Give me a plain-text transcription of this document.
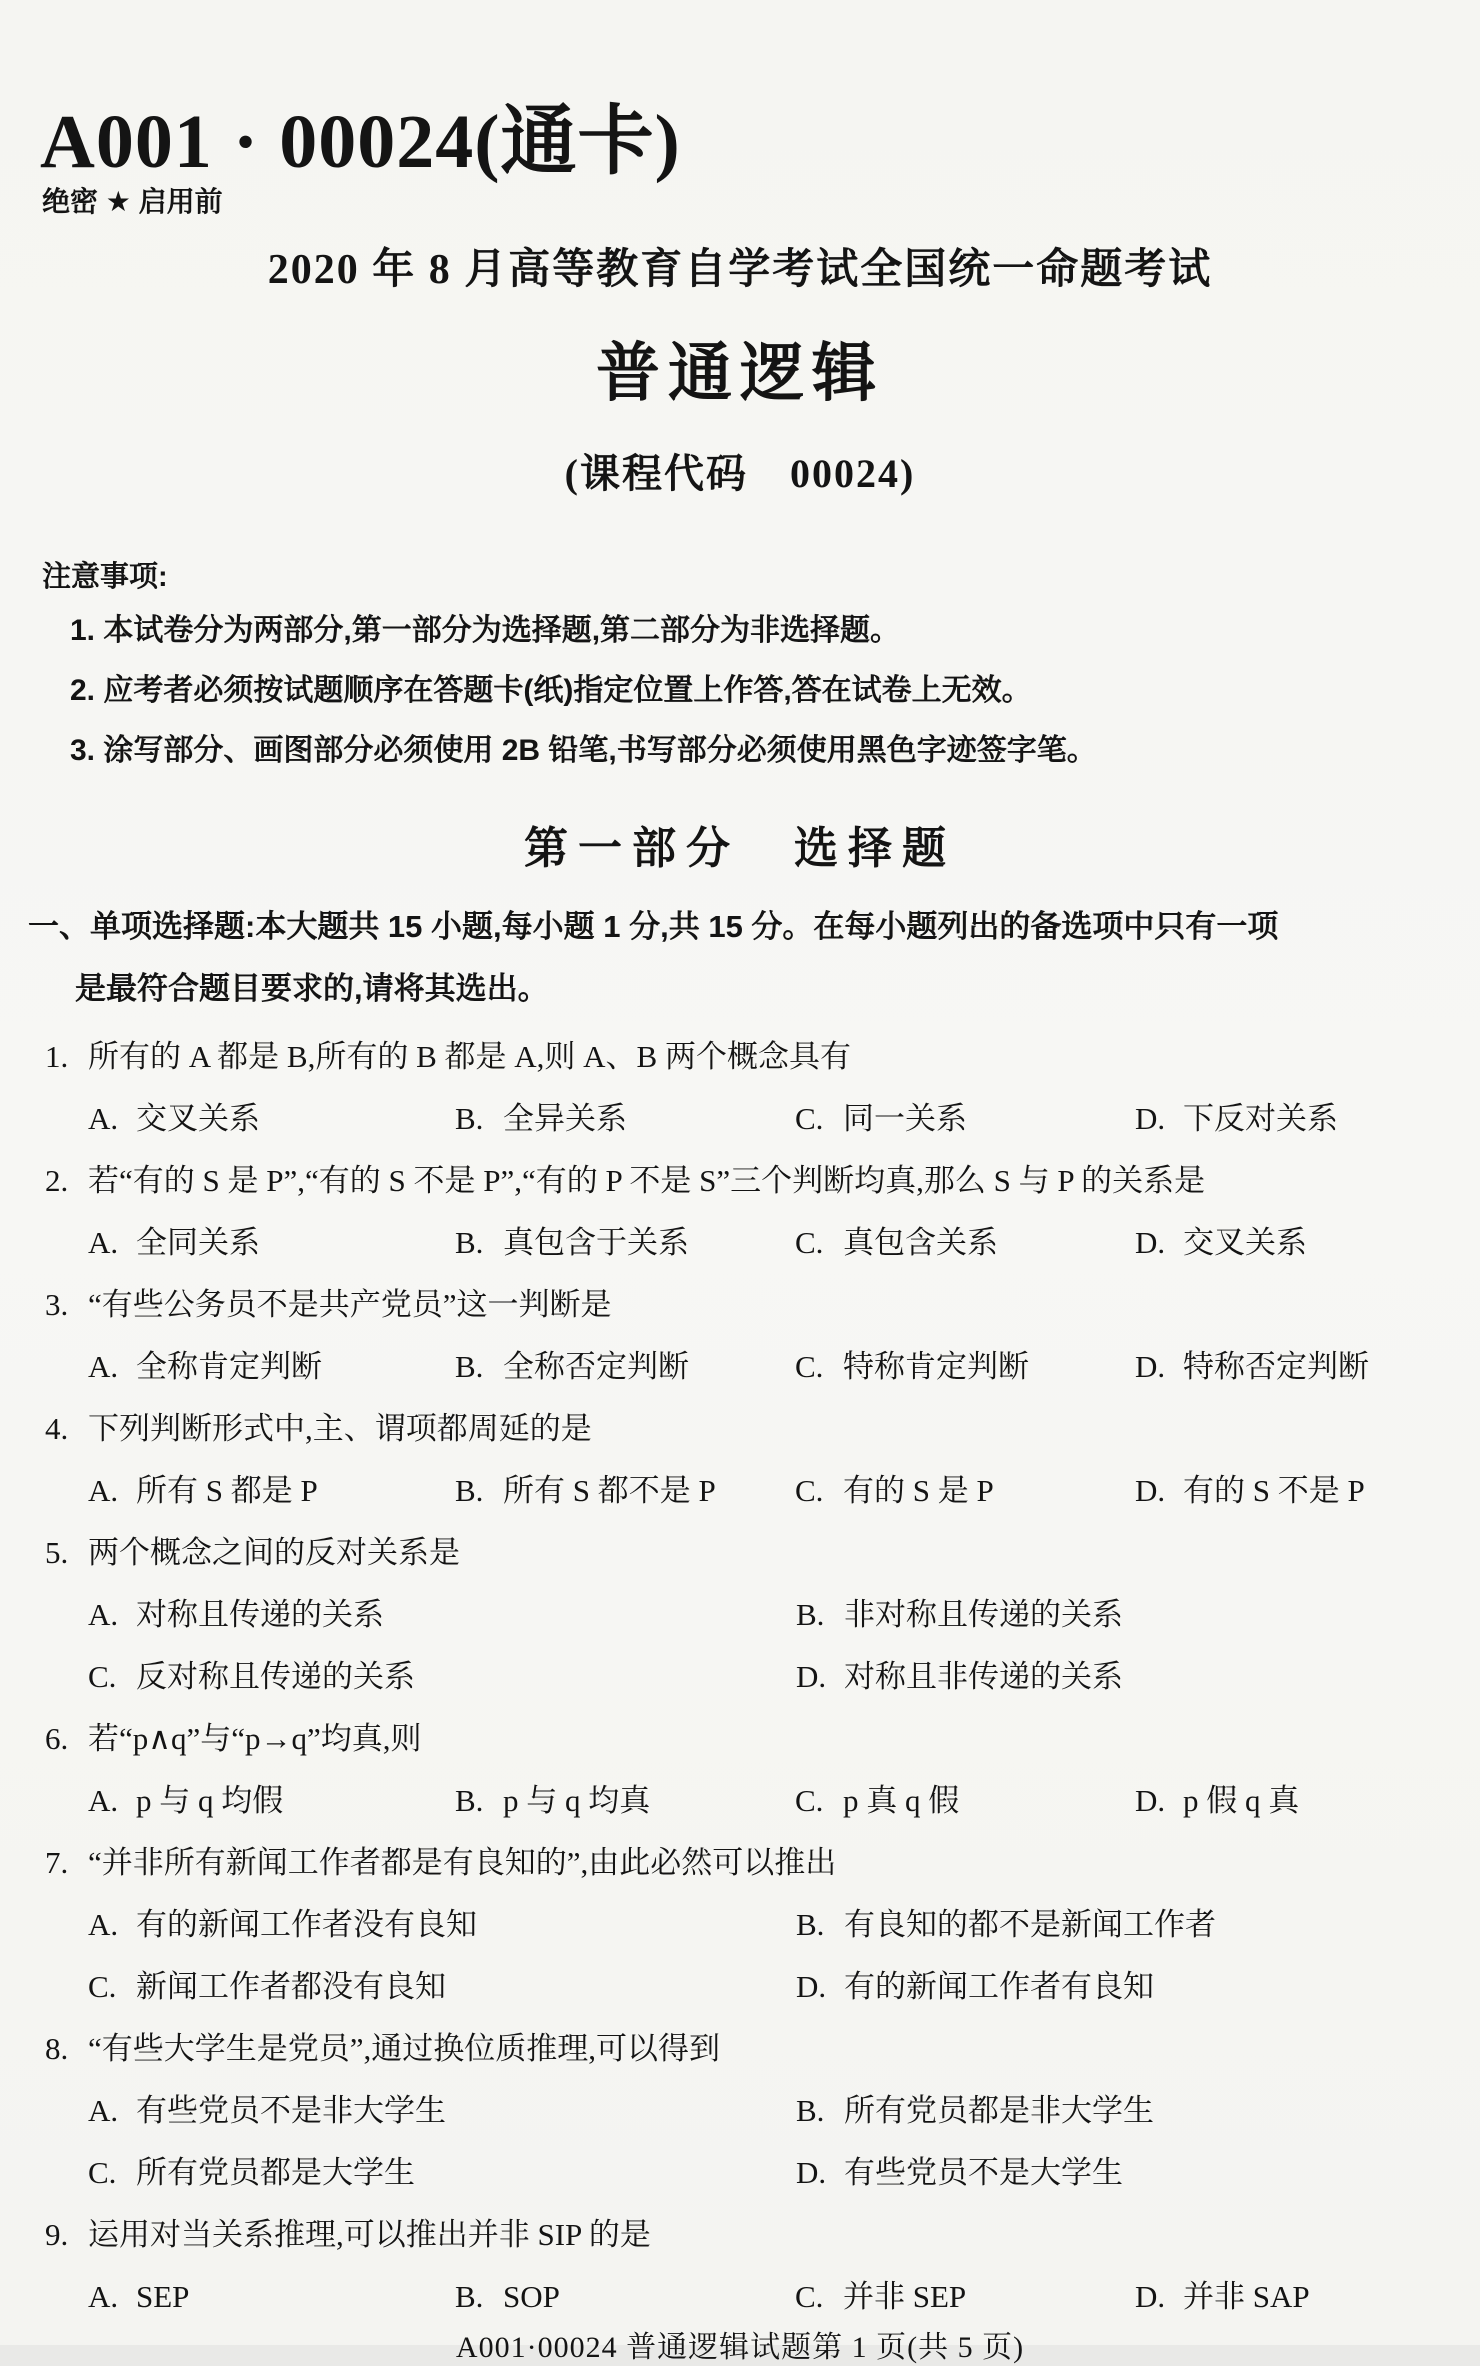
A001 · 00024(通卡)
绝密 ★ 启用前
2020 年 8 月高等教育自学考试全国统一命题考试
普通逻辑
(课程代码　00024)
注意事项:
1. 本试卷分为两部分,第一部分为选择题,第二部分为非选择题。
2. 应考者必须按试题顺序在答题卡(纸)指定位置上作答,答在试卷上无效。
3. 涂写部分、画图部分必须使用 2B 铅笔,书写部分必须使用黑色字迹签字笔。
第一部分　选择题
一、单项选择题:本大题共 15 小题,每小题 1 分,共 15 分。在每小题列出的备选项中只有一项
是最符合题目要求的,请将其选出。
1. 所有的 A 都是 B,所有的 B 都是 A,则 A、B 两个概念具有
A. 交叉关系	B. 全异关系	C. 同一关系	D. 下反对关系
2. 若“有的 S 是 P”,“有的 S 不是 P”,“有的 P 不是 S”三个判断均真,那么 S 与 P 的关系是
A. 全同关系	B. 真包含于关系	C. 真包含关系	D. 交叉关系
3. “有些公务员不是共产党员”这一判断是
A. 全称肯定判断	B. 全称否定判断	C. 特称肯定判断	D. 特称否定判断
4. 下列判断形式中,主、谓项都周延的是
A. 所有 S 都是 P	B. 所有 S 都不是 P	C. 有的 S 是 P	D. 有的 S 不是 P
5. 两个概念之间的反对关系是
A. 对称且传递的关系	B. 非对称且传递的关系
C. 反对称且传递的关系	D. 对称且非传递的关系
6. 若“p∧q”与“p→q”均真,则
A. p 与 q 均假	B. p 与 q 均真	C. p 真 q 假	D. p 假 q 真
7. “并非所有新闻工作者都是有良知的”,由此必然可以推出
A. 有的新闻工作者没有良知	B. 有良知的都不是新闻工作者
C. 新闻工作者都没有良知	D. 有的新闻工作者有良知
8. “有些大学生是党员”,通过换位质推理,可以得到
A. 有些党员不是非大学生	B. 所有党员都是非大学生
C. 所有党员都是大学生	D. 有些党员不是大学生
9. 运用对当关系推理,可以推出并非 SIP 的是
A. SEP	B. SOP	C. 并非 SEP	D. 并非 SAP
A001·00024 普通逻辑试题第 1 页(共 5 页)
